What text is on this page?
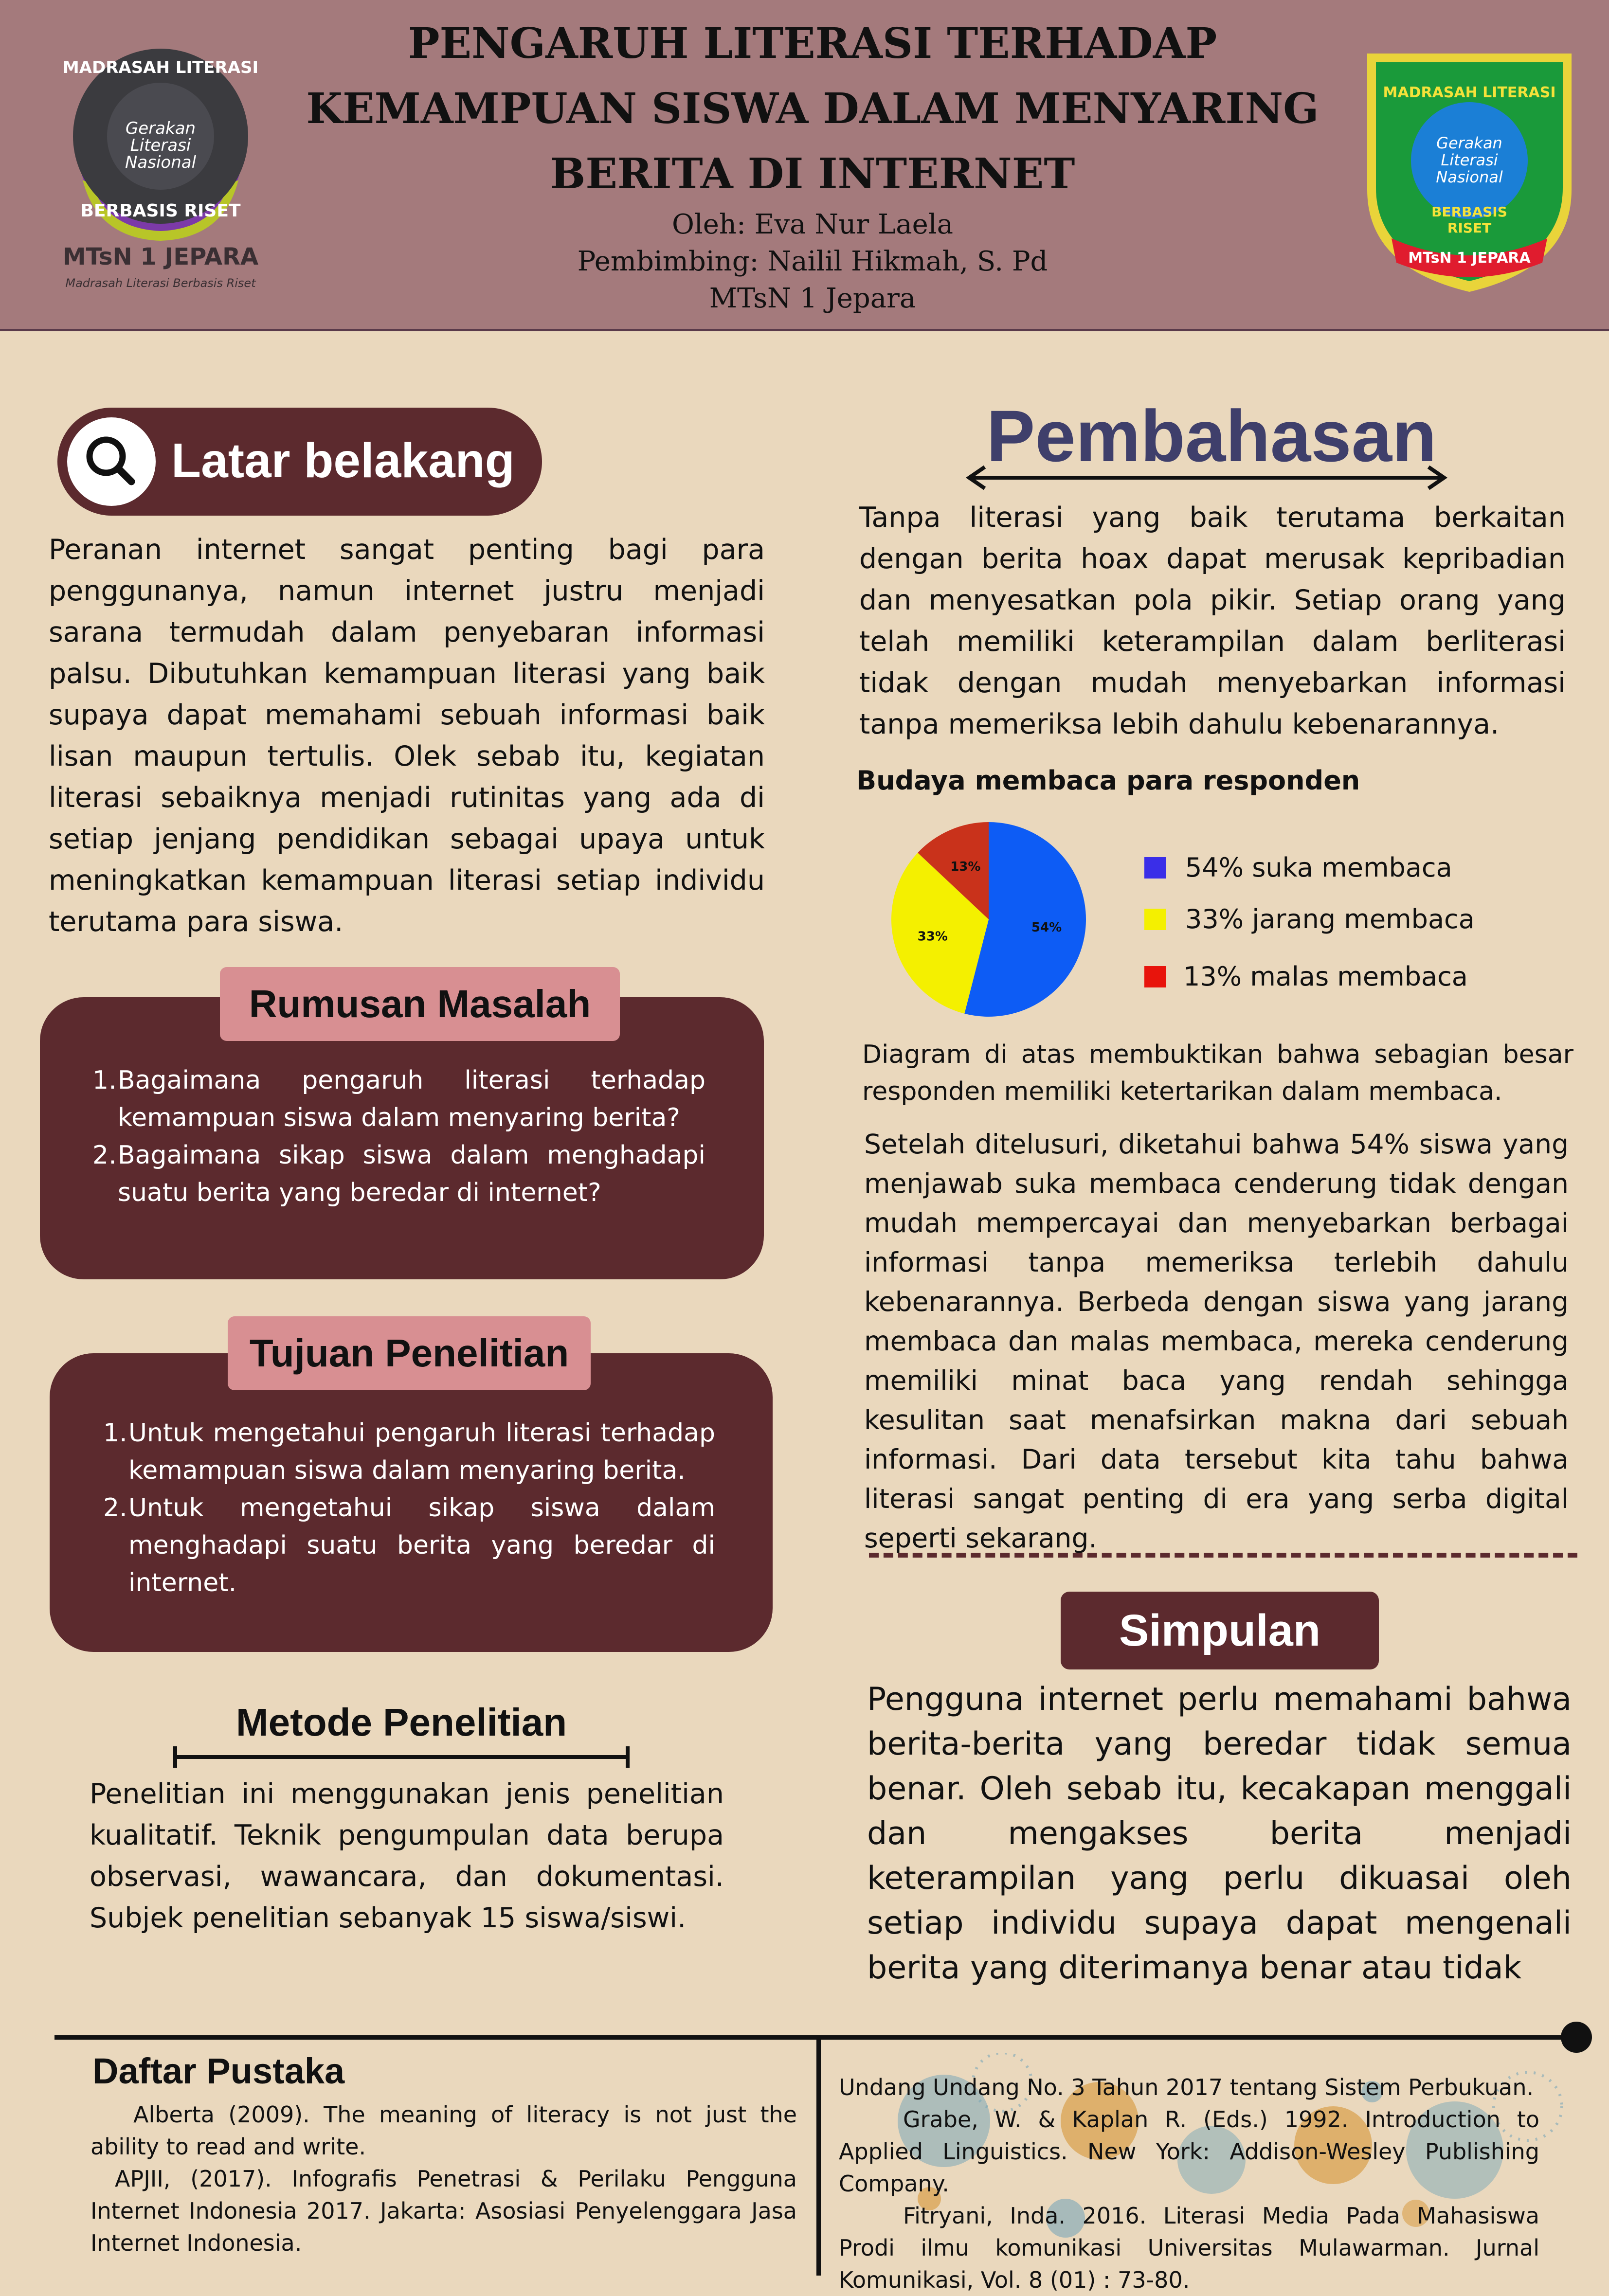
Gerakan
Literasi
Nasional
MADRASAH LITERASI
BERBASIS RISET
MTsN 1 JEPARA
Madrasah Literasi Berbasis Riset
PENGARUH LITERASI TERHADAP
KEMAMPUAN SISWA DALAM MENYARING
BERITA DI INTERNET
Oleh: Eva Nur Laela
Pembimbing: Nailil Hikmah, S. Pd
MTsN 1 Jepara
MADRASAH LITERASI
Gerakan
Literasi
Nasional
BERBASIS
RISET
MTsN 1 JEPARA
Latar belakang
Peranan internet sangat penting bagi para penggunanya, namun internet justru menjadi sarana termudah dalam penyebaran informasi palsu. Dibutuhkan kemampuan literasi yang baik supaya dapat memahami sebuah informasi baik lisan maupun tertulis. Olek sebab itu, kegiatan literasi sebaiknya menjadi rutinitas yang ada di setiap jenjang pendidikan sebagai upaya untuk meningkatkan kemampuan literasi setiap individu terutama para siswa.
Rumusan Masalah
1. Bagaimana pengaruh literasi terhadap kemampuan siswa dalam menyaring berita?
2. Bagaimana sikap siswa dalam menghadapi suatu berita yang beredar di internet?
Tujuan Penelitian
1. Untuk mengetahui pengaruh literasi terhadap kemampuan siswa dalam menyaring berita.
2. Untuk mengetahui sikap siswa dalam menghadapi suatu berita yang beredar di internet.
Metode Penelitian
Penelitian ini menggunakan jenis penelitian kualitatif. Teknik pengumpulan data berupa observasi, wawancara, dan dokumentasi. Subjek penelitian sebanyak 15 siswa/siswi.
Pembahasan
Tanpa literasi yang baik terutama berkaitan dengan berita hoax dapat merusak kepribadian dan menyesatkan pola pikir. Setiap orang yang telah memiliki keterampilan dalam berliterasi tidak dengan mudah menyebarkan informasi tanpa memeriksa lebih dahulu kebenarannya.
Budaya membaca para responden
54%
33%
13%	54% suka membaca
33% jarang membaca
13% malas membaca
Diagram di atas membuktikan bahwa sebagian besar responden memiliki ketertarikan dalam membaca.
Setelah ditelusuri, diketahui bahwa 54% siswa yang menjawab suka membaca cenderung tidak dengan mudah mempercayai dan menyebarkan berbagai informasi tanpa memeriksa terlebih dahulu kebenarannya. Berbeda dengan siswa yang jarang membaca dan malas membaca, mereka cenderung memiliki minat baca yang rendah sehingga kesulitan saat menafsirkan makna dari sebuah informasi. Dari data tersebut kita tahu bahwa literasi sangat penting di era yang serba digital seperti sekarang.
Simpulan
Pengguna internet perlu memahami bahwa berita-berita yang beredar tidak semua benar. Oleh sebab itu, kecakapan menggali dan mengakses berita menjadi keterampilan yang perlu dikuasai oleh setiap individu supaya dapat mengenali berita yang diterimanya benar atau tidak
Daftar Pustaka
Alberta (2009). The meaning of literacy is not just the ability to read and write.
APJII, (2017). Infografis Penetrasi & Perilaku Pengguna Internet Indonesia 2017. Jakarta: Asosiasi Penyelenggara Jasa Internet Indonesia.
Undang Undang No. 3 Tahun 2017 tentang Sistem Perbukuan.
Grabe, W. & Kaplan R. (Eds.) 1992. Introduction to Applied Linguistics. New York: Addison-Wesley Publishing Company.
Fitryani, Inda. 2016. Literasi Media Pada Mahasiswa Prodi ilmu komunikasi Universitas Mulawarman. Jurnal Komunikasi, Vol. 8 (01) : 73-80.
